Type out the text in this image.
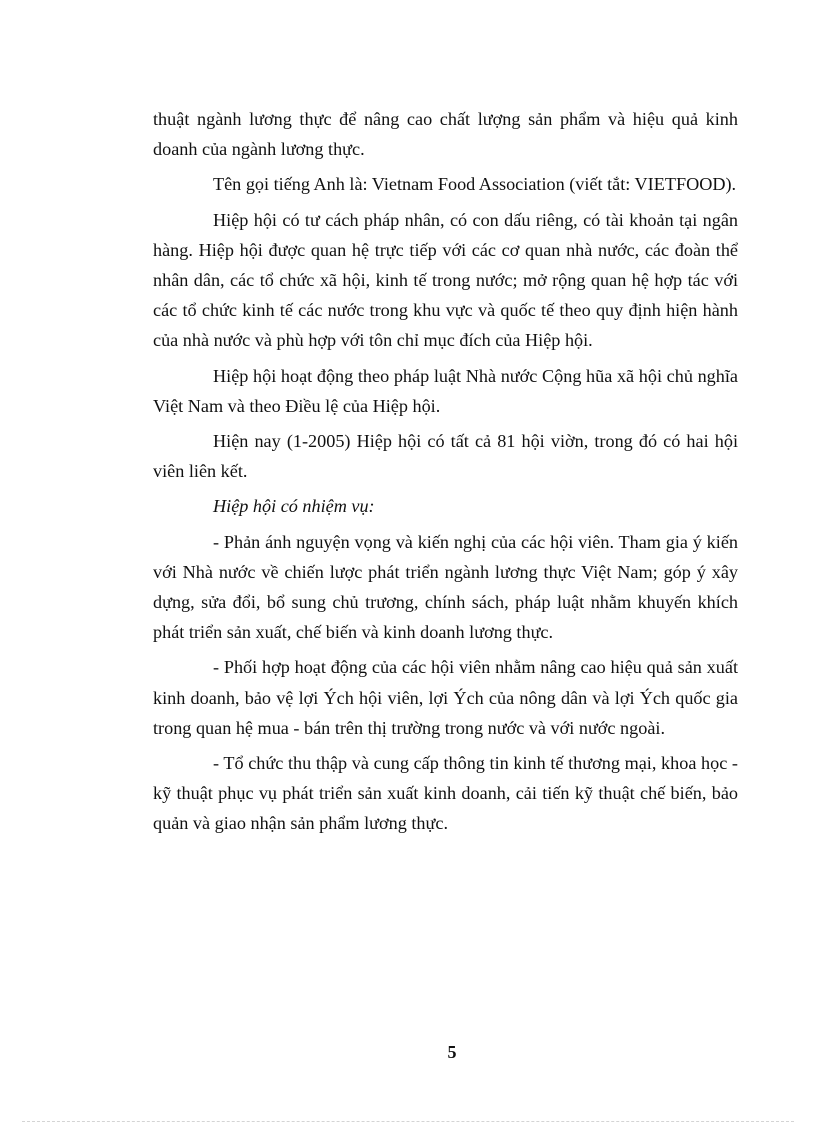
thuật ngành lương thực để nâng cao chất lượng sản phẩm và hiệu quả kinh doanh của ngành lương thực.

Tên gọi tiếng Anh là: Vietnam Food Association (viết tắt: VIETFOOD).

Hiệp hội có tư cách pháp nhân, có con dấu riêng, có tài khoản tại ngân hàng. Hiệp hội được quan hệ trực tiếp với các cơ quan nhà nước, các đoàn thể nhân dân, các tổ chức xã hội, kinh tế trong nước; mở rộng quan hệ hợp tác với các tổ chức kinh tế các nước trong khu vực và quốc tế theo quy định hiện hành của nhà nước và phù hợp với tôn chỉ mục đích của Hiệp hội.

Hiệp hội hoạt động theo pháp luật Nhà nước Cộng hũa xã hội chủ nghĩa Việt Nam và theo Điều lệ của Hiệp hội.

Hiện nay (1-2005) Hiệp hội có tất cả 81 hội viờn, trong đó có hai hội viên liên kết.

Hiệp hội có nhiệm vụ:

- Phản ánh nguyện vọng và kiến nghị của các hội viên. Tham gia ý kiến với Nhà nước về chiến lược phát triển ngành lương thực Việt Nam; góp ý xây dựng, sửa đổi, bổ sung chủ trương, chính sách, pháp luật nhằm khuyến khích phát triển sản xuất, chế biến và kinh doanh lương thực.

- Phối hợp hoạt động của các hội viên nhằm nâng cao hiệu quả sản xuất kinh doanh, bảo vệ lợi Ých hội viên, lợi Ých của nông dân và lợi Ých quốc gia trong quan hệ mua - bán trên thị trường trong nước và với nước ngoài.

- Tổ chức thu thập và cung cấp thông tin kinh tế thương mại, khoa học - kỹ thuật phục vụ phát triển sản xuất kinh doanh, cải tiến kỹ thuật chế biến, bảo quản và giao nhận sản phẩm lương thực.

5
